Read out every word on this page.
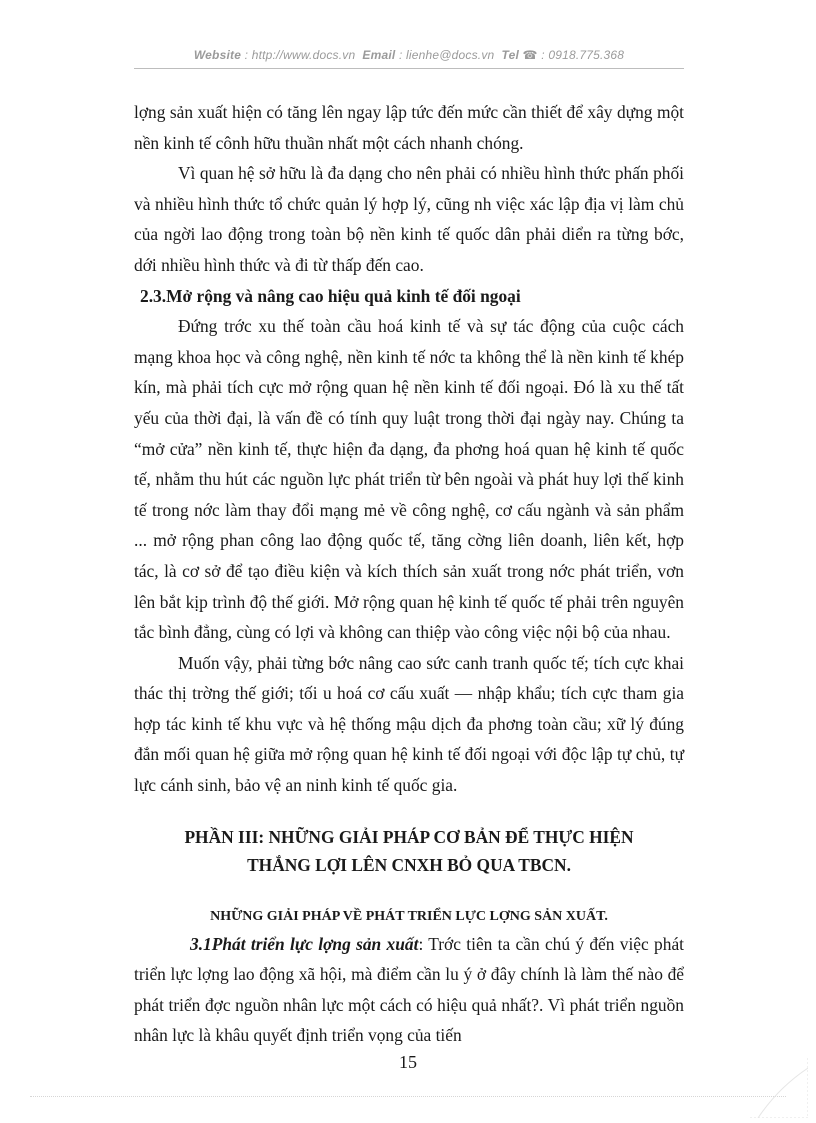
Website : http://www.docs.vn Email : lienhe@docs.vn Tel ☎ : 0918.775.368

lợng sản xuất hiện có tăng lên ngay lập tức đến mức cần thiết để xây dựng một nền kinh tế cônh hữu thuần nhất một cách nhanh chóng.

Vì quan hệ sở hữu là đa dạng cho nên phải có nhiều hình thức phấn phối và nhiều hình thức tổ chức quản lý hợp lý, cũng nh việc xác lập địa vị làm chủ của ngời lao động trong toàn bộ nền kinh tế quốc dân phải diển ra từng bớc, dới nhiều hình thức và đi từ thấp đến cao.

2.3.Mở rộng và nâng cao hiệu quả kinh tế đối ngoại

Đứng trớc xu thế toàn cầu hoá kinh tế và sự tác động của cuộc cách mạng khoa học và công nghệ, nền kinh tế nớc ta không thể là nền kinh tế khép kín, mà phải tích cực mở rộng quan hệ nền kinh tế đối ngoại. Đó là xu thế tất yếu của thời đại, là vấn đề có tính quy luật trong thời đại ngày nay. Chúng ta “mở cửa” nền kinh tế, thực hiện đa dạng, đa phơng hoá quan hệ kinh tế quốc tế, nhằm thu hút các nguồn lực phát triển từ bên ngoài và phát huy lợi thế kinh tế trong nớc làm thay đổi mạng mẻ về công nghệ, cơ cấu ngành và sản phẩm ... mở rộng phan công lao động quốc tế, tăng cờng liên doanh, liên kết, hợp tác, là cơ sở để tạo điều kiện và kích thích sản xuất trong nớc phát triển, vơn lên bắt kịp trình độ thế giới. Mở rộng quan hệ kinh tế quốc tế phải trên nguyên tắc bình đẳng, cùng có lợi và không can thiệp vào công việc nội bộ của nhau.

Muốn vậy, phải từng bớc nâng cao sức canh tranh quốc tế; tích cực khai thác thị trờng thế giới; tối u hoá cơ cấu xuất — nhập khẩu; tích cực tham gia hợp tác kinh tế khu vực và hệ thống mậu dịch đa phơng toàn cầu; xữ lý đúng đắn mối quan hệ giữa mở rộng quan hệ kinh tế đối ngoại với độc lập tự chủ, tự lực cánh sinh, bảo vệ an ninh kinh tế quốc gia.

PHẦN III: NHỮNG GIẢI PHÁP CƠ BẢN ĐỂ THỰC HIỆN
THẮNG LỢI LÊN CNXH BỎ QUA TBCN.
NHỮNG GIẢI PHÁP VỀ PHÁT TRIỂN LỰC LỢNG SẢN XUẤT.

3.1Phát triển lực lợng sản xuất: Trớc tiên ta cần chú ý đến việc phát triển lực lợng lao động xã hội, mà điểm cần lu ý ở đây chính là làm thế nào để phát triển đợc nguồn nhân lực một cách có hiệu quả nhất?. Vì phát triển nguồn nhân lực là khâu quyết định triển vọng của tiến

15
